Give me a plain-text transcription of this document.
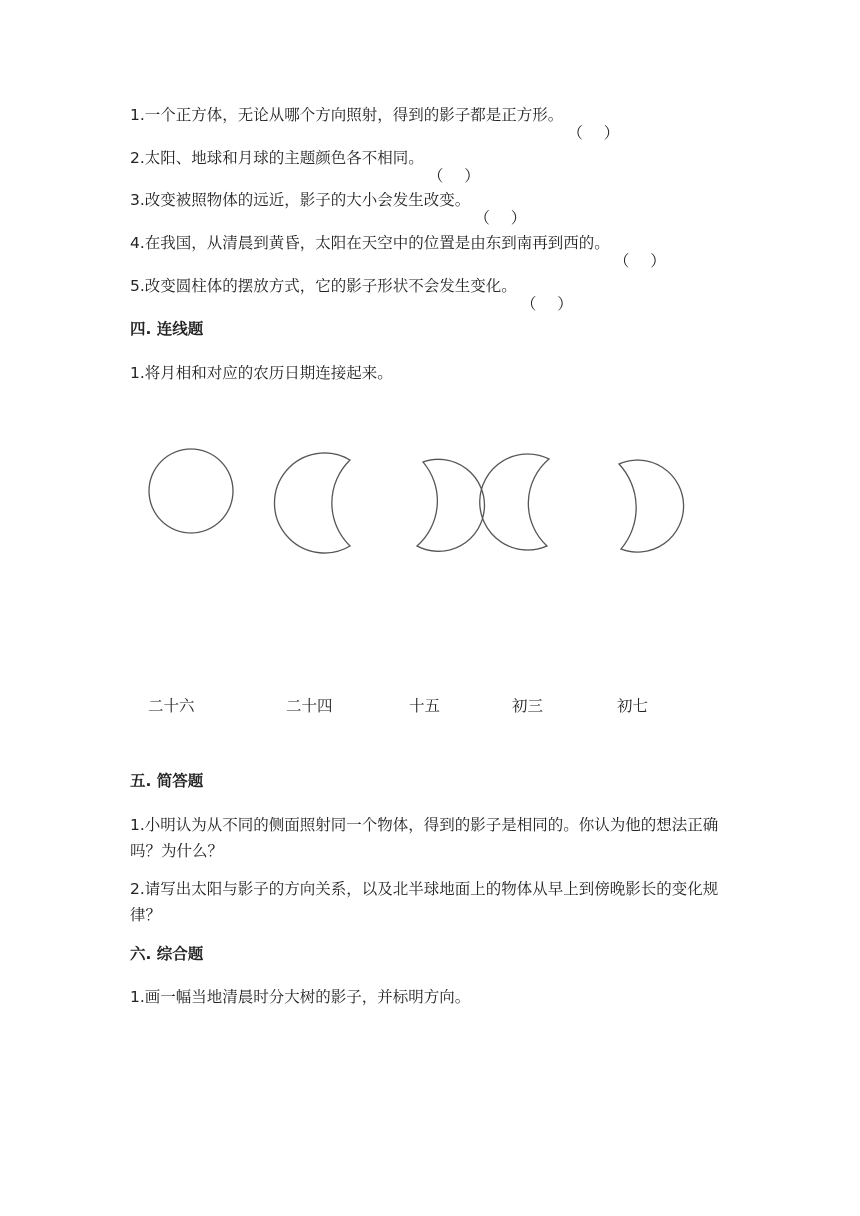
1.一个正方体，无论从哪个方向照射，得到的影子都是正方形。
（ ）
2.太阳、地球和月球的主题颜色各不相同。
（ ）
3.改变被照物体的远近，影子的大小会发生改变。
（ ）
4.在我国，从清晨到黄昏，太阳在天空中的位置是由东到南再到西的。
（ ）
5.改变圆柱体的摆放方式，它的影子形状不会发生变化。
（ ）
四. 连线题
1.将月相和对应的农历日期连接起来。
二十六	二十四	十五	初三	初七
五. 简答题
1.小明认为从不同的侧面照射同一个物体，得到的影子是相同的。你认为他的想法正确吗？为什么？
2.请写出太阳与影子的方向关系，以及北半球地面上的物体从早上到傍晚影长的变化规律？
六. 综合题
1.画一幅当地清晨时分大树的影子，并标明方向。
